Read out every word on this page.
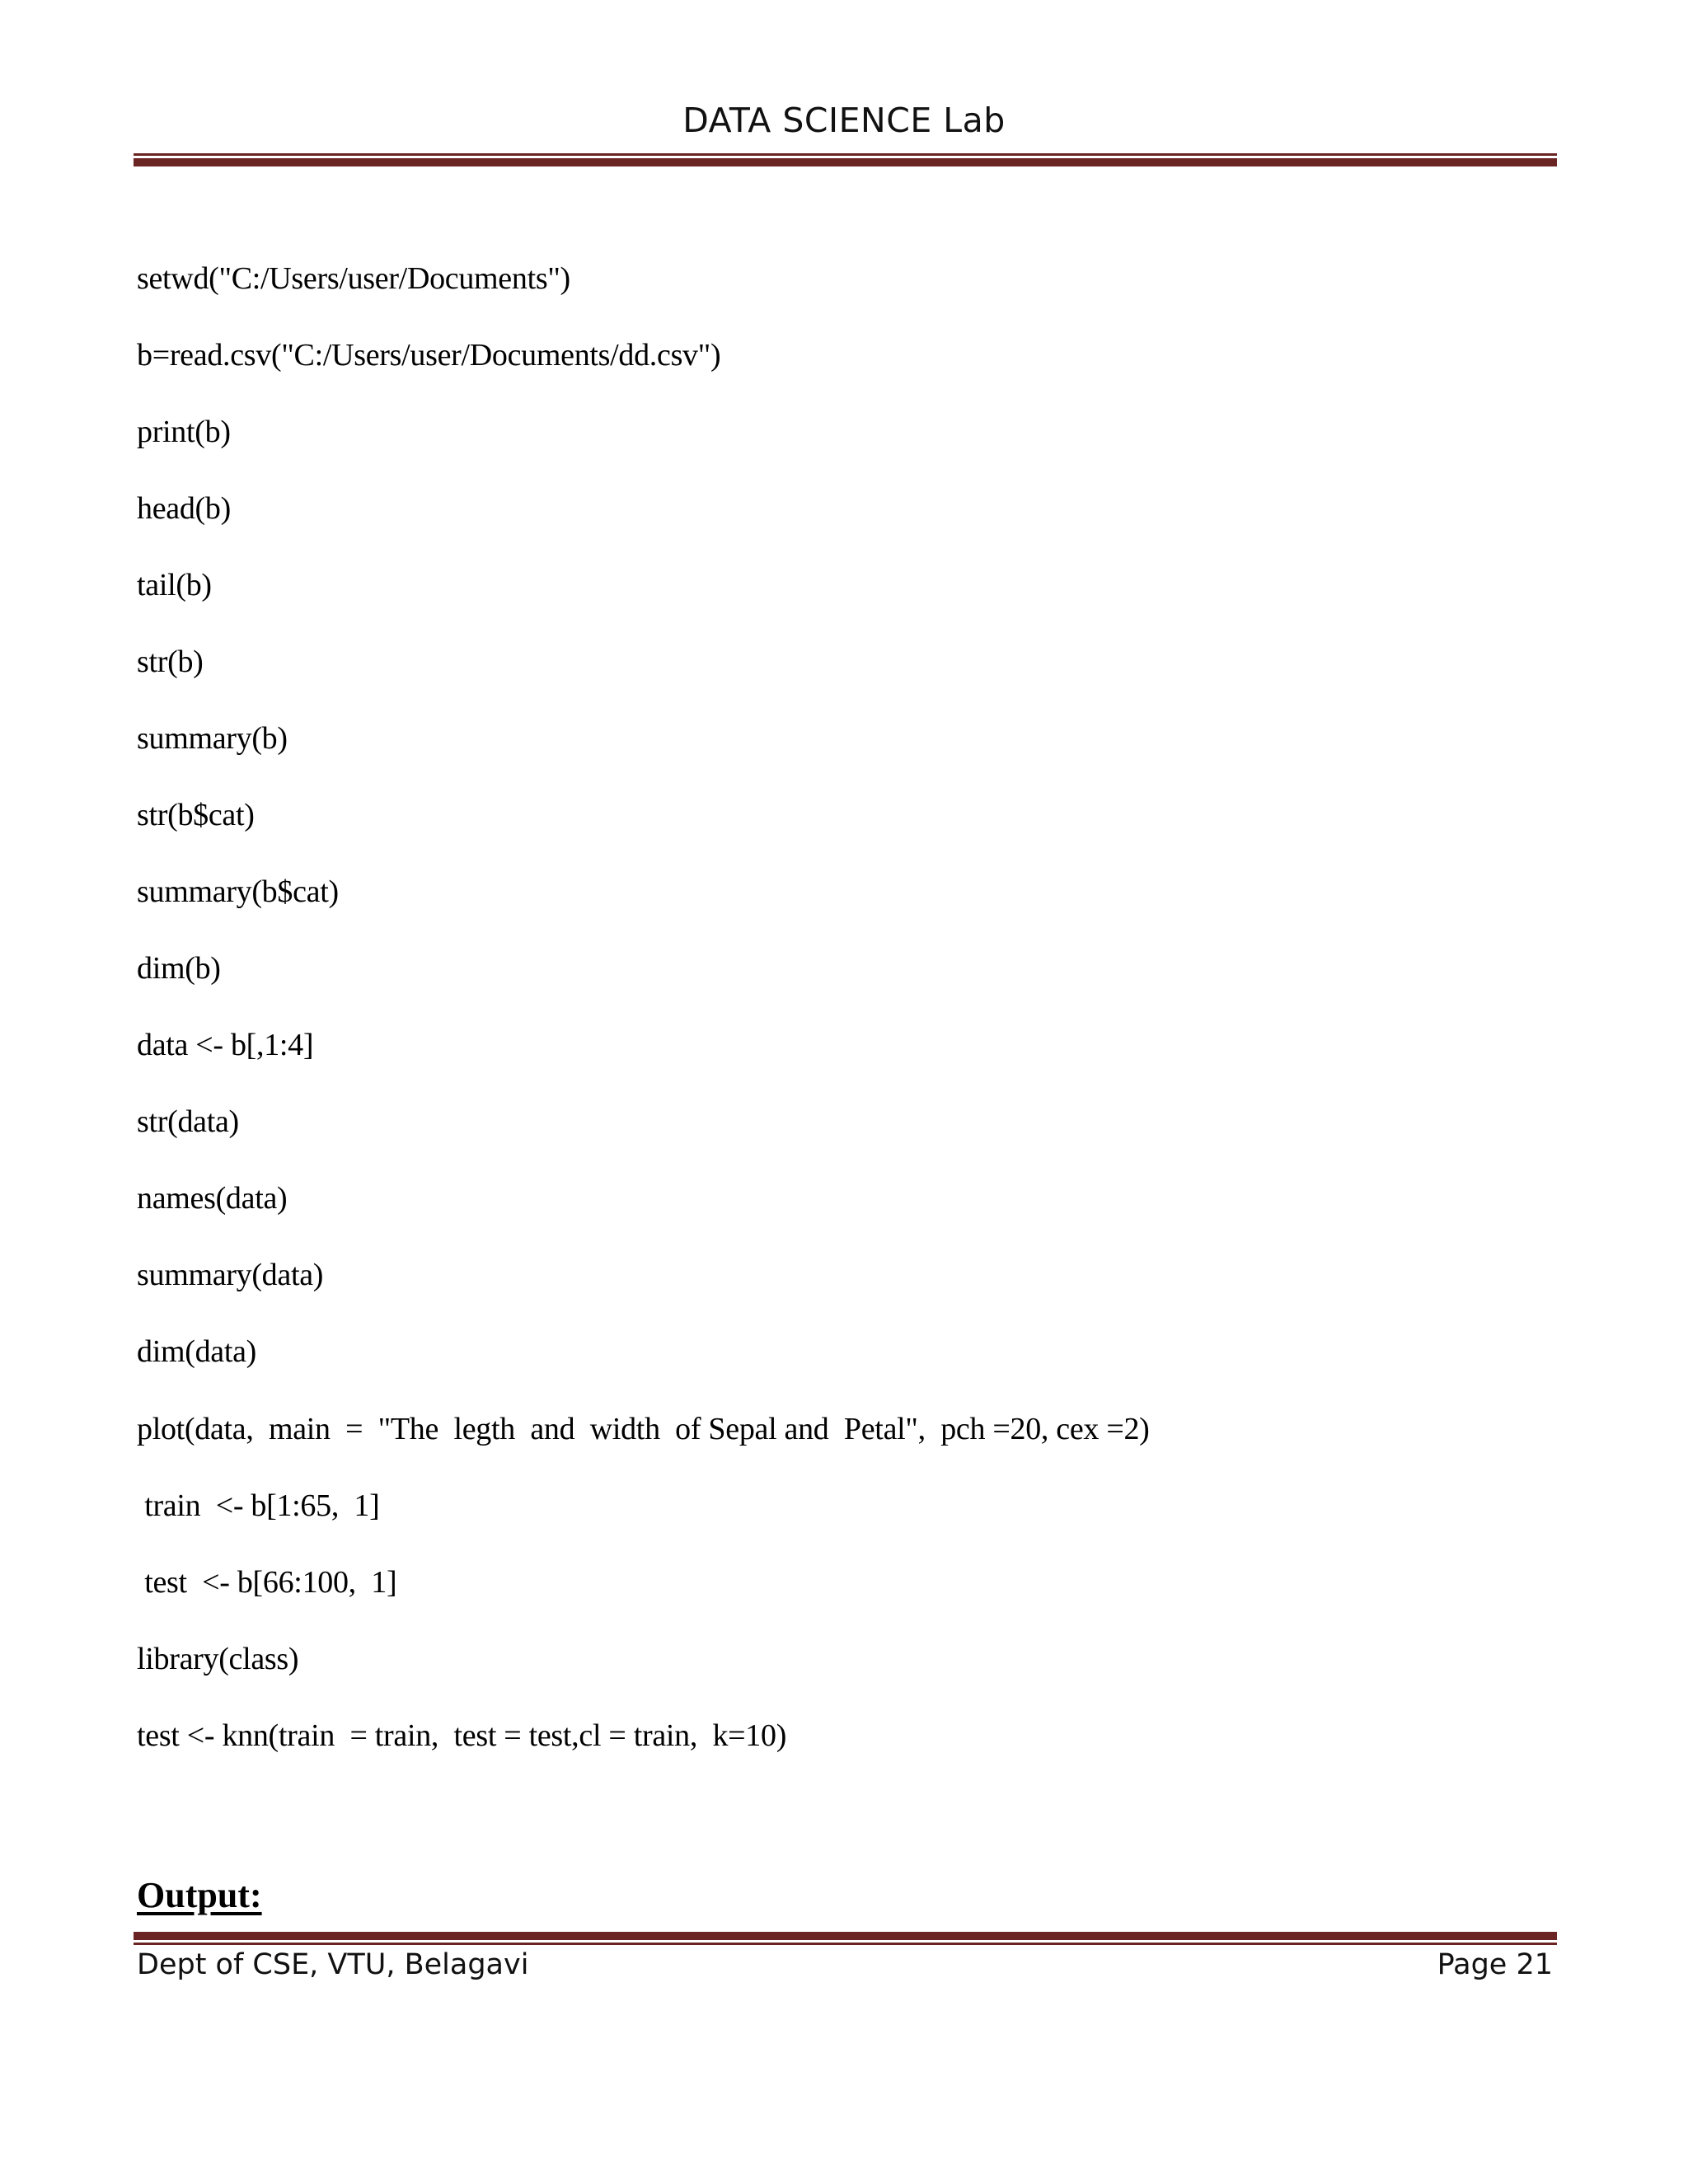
DATA SCIENCE Lab
setwd("C:/Users/user/Documents")
b=read.csv("C:/Users/user/Documents/dd.csv")
print(b)
head(b)
tail(b)
str(b)
summary(b)
str(b$cat)
summary(b$cat)
dim(b)
data <- b[,1:4]
str(data)
names(data)
summary(data)
dim(data)
plot(data,  main  =  "The  legth  and  width  of Sepal and  Petal",  pch =20, cex =2)
train  <- b[1:65,  1]
test  <- b[66:100,  1]
library(class)
test <- knn(train  = train,  test = test,cl = train,  k=10)
Output:
Dept of CSE, VTU, Belagavi	Page 21
